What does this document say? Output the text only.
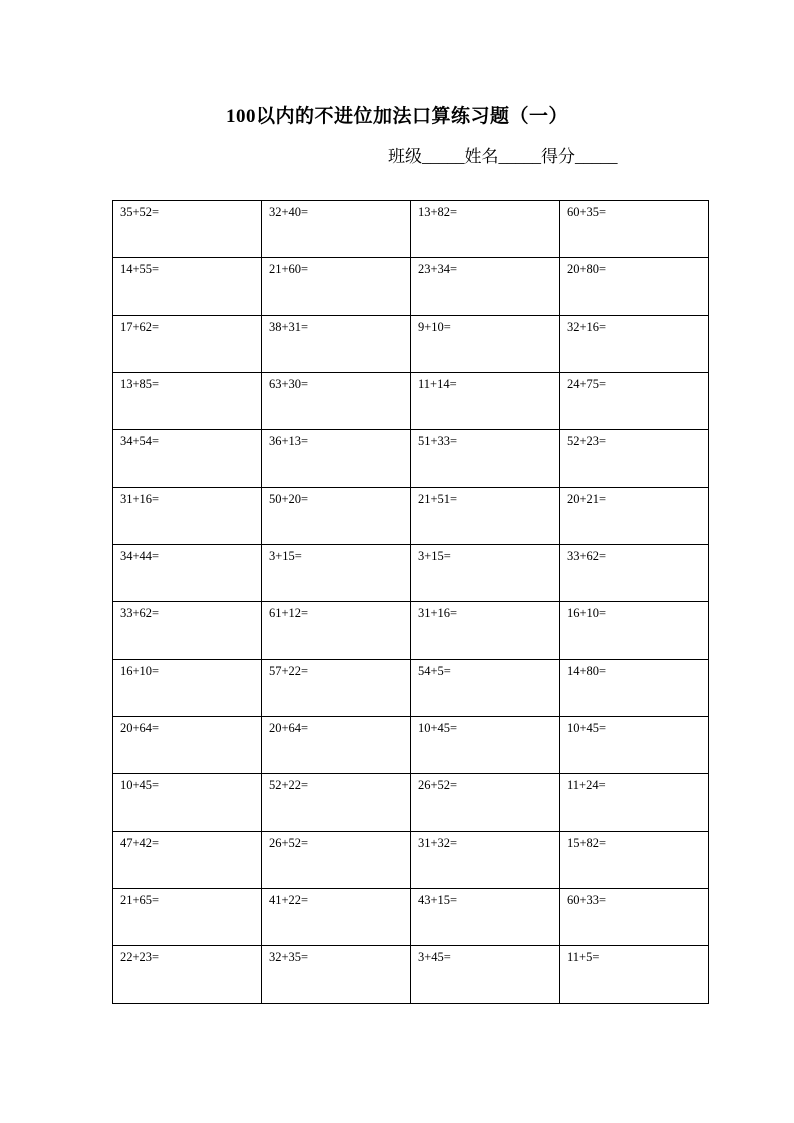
100以内的不进位加法口算练习题（一）
班级_____姓名_____得分_____
35+52=	32+40=	13+82=	60+35=
14+55=	21+60=	23+34=	20+80=
17+62=	38+31=	9+10=	32+16=
13+85=	63+30=	11+14=	24+75=
34+54=	36+13=	51+33=	52+23=
31+16=	50+20=	21+51=	20+21=
34+44=	3+15=	3+15=	33+62=
33+62=	61+12=	31+16=	16+10=
16+10=	57+22=	54+5=	14+80=
20+64=	20+64=	10+45=	10+45=
10+45=	52+22=	26+52=	11+24=
47+42=	26+52=	31+32=	15+82=
21+65=	41+22=	43+15=	60+33=
22+23=	32+35=	3+45=	11+5=
